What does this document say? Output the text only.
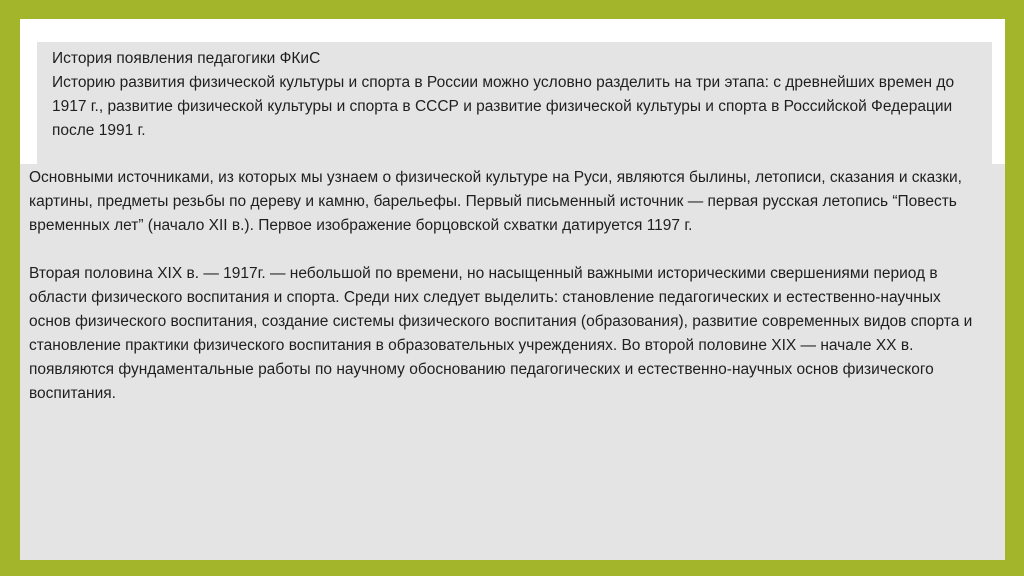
История появления педагогики ФКиС
Историю развития физической культуры и спорта в России можно условно разделить на три этапа: с древнейших времен до 1917 г., развитие физической культуры и спорта в СССР и развитие физической культуры и спорта в Российской Федерации после 1991 г.

Основными источниками, из которых мы узнаем о физической культуре на Руси, являются былины, летописи, сказания и сказки, картины, предметы резьбы по дереву и камню, барельефы. Первый письменный источник — первая русская летопись “Повесть временных лет” (начало XII в.). Первое изображение борцовской схватки датируется 1197 г.

Вторая половина XIX в. — 1917г. — небольшой по времени, но насыщенный важными историческими свершениями период в области физического воспитания и спорта. Среди них следует выделить: становление педагогических и естественно-научных основ физического воспитания, создание системы физического воспитания (образования), развитие современных видов спорта и становление практики физического воспитания в образовательных учреждениях. Во второй половине XIX — начале XX в. появляются фундаментальные работы по научному обоснованию педагогических и естественно-научных основ физического воспитания.
